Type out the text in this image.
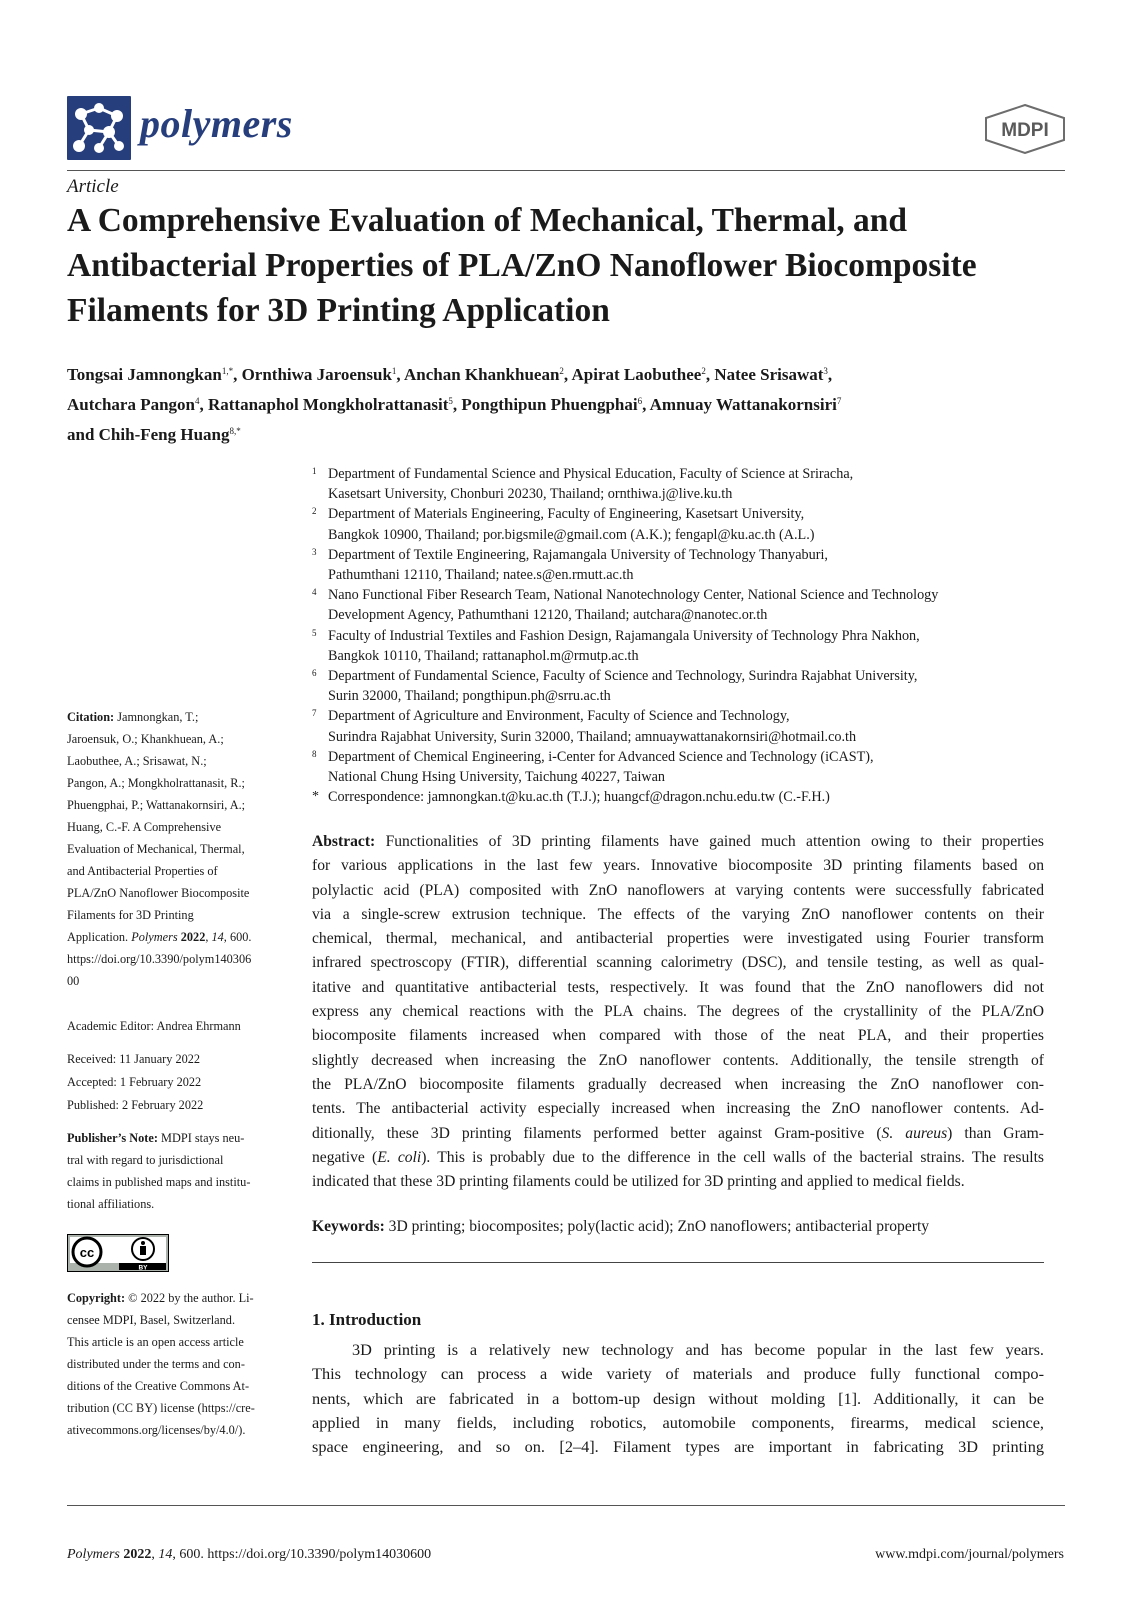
polymers	MDPI
Article
A Comprehensive Evaluation of Mechanical, Thermal, and Antibacterial Properties of PLA/ZnO Nanoflower Biocomposite Filaments for 3D Printing Application
Tongsai Jamnongkan$^{1,*}$, Ornthiwa Jaroensuk$^1$, Anchan Khankhuean$^2$, Apirat Laobuthee$^2$, Natee Srisawat$^3$,
Autchara Pangon$^4$, Rattanaphol Mongkholrattanasit$^5$, Pongthipun Phuengphai$^6$, Amnuay Wattanakornsiri$^7$
and Chih-Feng Huang$^{8,*}$
1 Department of Fundamental Science and Physical Education, Faculty of Science at Sriracha,
Kasetsart University, Chonburi 20230, Thailand; ornthiwa.j@live.ku.th
2 Department of Materials Engineering, Faculty of Engineering, Kasetsart University,
Bangkok 10900, Thailand; por.bigsmile@gmail.com (A.K.); fengapl@ku.ac.th (A.L.)
3 Department of Textile Engineering, Rajamangala University of Technology Thanyaburi,
Pathumthani 12110, Thailand; natee.s@en.rmutt.ac.th
4 Nano Functional Fiber Research Team, National Nanotechnology Center, National Science and Technology
Development Agency, Pathumthani 12120, Thailand; autchara@nanotec.or.th
5 Faculty of Industrial Textiles and Fashion Design, Rajamangala University of Technology Phra Nakhon,
Bangkok 10110, Thailand; rattanaphol.m@rmutp.ac.th
6 Department of Fundamental Science, Faculty of Science and Technology, Surindra Rajabhat University,
Surin 32000, Thailand; pongthipun.ph@srru.ac.th
7 Department of Agriculture and Environment, Faculty of Science and Technology,
Surindra Rajabhat University, Surin 32000, Thailand; amnuaywattanakornsiri@hotmail.co.th
8 Department of Chemical Engineering, i-Center for Advanced Science and Technology (iCAST),
National Chung Hsing University, Taichung 40227, Taiwan
* Correspondence: jamnongkan.t@ku.ac.th (T.J.); huangcf@dragon.nchu.edu.tw (C.-F.H.)
Citation: Jamnongkan, T.;
Jaroensuk, O.; Khankhuean, A.;
Laobuthee, A.; Srisawat, N.;
Pangon, A.; Mongkholrattanasit, R.;
Phuengphai, P.; Wattanakornsiri, A.;
Huang, C.-F. A Comprehensive
Evaluation of Mechanical, Thermal,
and Antibacterial Properties of
PLA/ZnO Nanoflower Biocomposite
Filaments for 3D Printing
Application. Polymers 2022, 14, 600.
https://doi.org/10.3390/polym140306
00
Academic Editor: Andrea Ehrmann
Received: 11 January 2022
Accepted: 1 February 2022
Published: 2 February 2022
Publisher’s Note: MDPI stays neu-
tral with regard to jurisdictional
claims in published maps and institu-
tional affiliations.
cc
BY
Copyright: © 2022 by the author. Li-
censee MDPI, Basel, Switzerland.
This article is an open access article
distributed under the terms and con-
ditions of the Creative Commons At-
tribution (CC BY) license (https://cre-
ativecommons.org/licenses/by/4.0/).
Abstract: Functionalities of 3D printing filaments have gained much attention owing to their properties
for various applications in the last few years. Innovative biocomposite 3D printing filaments based on
polylactic acid (PLA) composited with ZnO nanoflowers at varying contents were successfully fabricated
via a single-screw extrusion technique. The effects of the varying ZnO nanoflower contents on their
chemical, thermal, mechanical, and antibacterial properties were investigated using Fourier transform
infrared spectroscopy (FTIR), differential scanning calorimetry (DSC), and tensile testing, as well as qual-
itative and quantitative antibacterial tests, respectively. It was found that the ZnO nanoflowers did not
express any chemical reactions with the PLA chains. The degrees of the crystallinity of the PLA/ZnO
biocomposite filaments increased when compared with those of the neat PLA, and their properties
slightly decreased when increasing the ZnO nanoflower contents. Additionally, the tensile strength of
the PLA/ZnO biocomposite filaments gradually decreased when increasing the ZnO nanoflower con-
tents. The antibacterial activity especially increased when increasing the ZnO nanoflower contents. Ad-
ditionally, these 3D printing filaments performed better against Gram-positive (S. aureus) than Gram-
negative (E. coli). This is probably due to the difference in the cell walls of the bacterial strains. The results
indicated that these 3D printing filaments could be utilized for 3D printing and applied to medical fields.
Keywords: 3D printing; biocomposites; poly(lactic acid); ZnO nanoflowers; antibacterial property
1. Introduction
3D printing is a relatively new technology and has become popular in the last few years.
This technology can process a wide variety of materials and produce fully functional compo-
nents, which are fabricated in a bottom-up design without molding [1]. Additionally, it can be
applied in many fields, including robotics, automobile components, firearms, medical science,
space engineering, and so on. [2–4]. Filament types are important in fabricating 3D printing
Polymers 2022, 14, 600. https://doi.org/10.3390/polym14030600	www.mdpi.com/journal/polymers
